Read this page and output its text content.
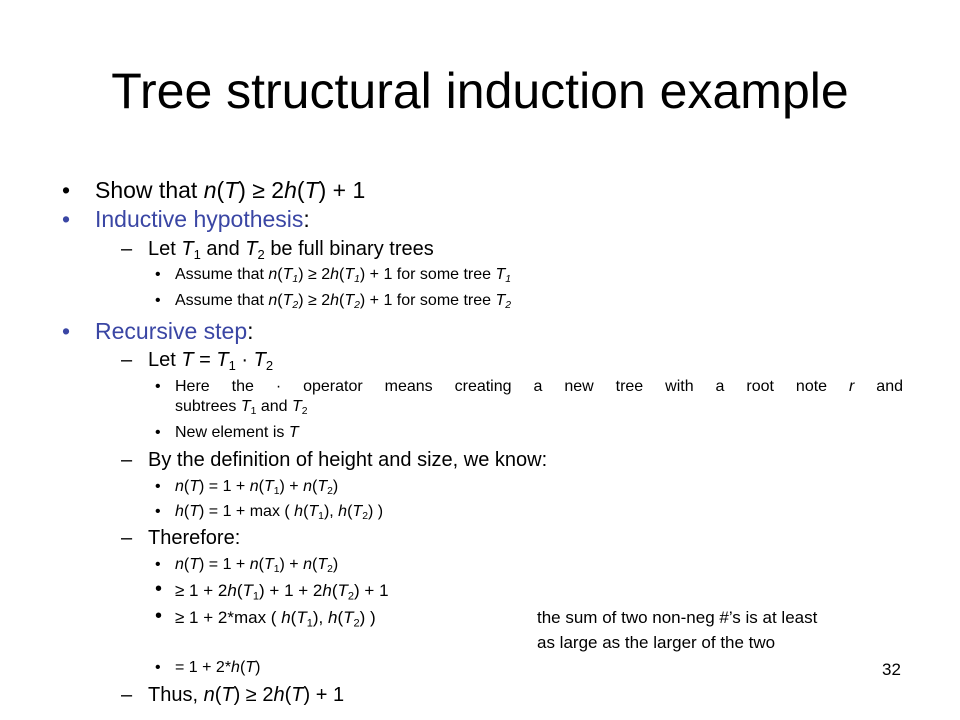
Tree structural induction example
• Show that n(T) ≥ 2h(T) + 1
• Inductive hypothesis:
– Let $T_1$ and $T_2$ be full binary trees
• Assume that $n(T_1) \ge 2h(T_1) + 1$ for some tree $T_1$
• Assume that $n(T_2) \ge 2h(T_2) + 1$ for some tree $T_2$
• Recursive step:
– Let $T = T_1 \cdot T_2$
• Here the · operator means creating a new tree with a root note r and
subtrees $T_1$ and $T_2$
• New element is T
– By the definition of height and size, we know:
• $n(T) = 1 + n(T_1) + n(T_2)$
• h(T) = 1 + max ( $h(T_1)$, $h(T_2)$ )
– Therefore:
• $n(T) = 1 + n(T_1) + n(T_2)$
• ≥ $1 + 2h(T_1) + 1 + 2h(T_2) + 1$
• ≥ 1 + 2*max ( $h(T_1)$, $h(T_2)$ )	the sum of two non-neg #’s is at least
as large as the larger of the two
• = 1 + 2*h(T)
– Thus, n(T) ≥ 2h(T) + 1
32
